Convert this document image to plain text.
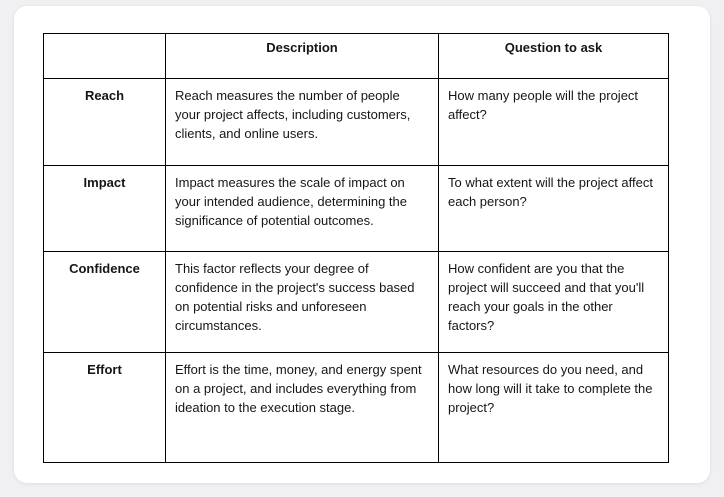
	Description	Question to ask
Reach	Reach measures the number of people your project affects, including customers, clients, and online users.	How many people will the project affect?
Impact	Impact measures the scale of impact on your intended audience, determining the significance of potential outcomes.	To what extent will the project affect each person?
Confidence	This factor reflects your degree of confidence in the project's success based on potential risks and unforeseen circumstances.	How confident are you that the project will succeed and that you'll reach your goals in the other factors?
Effort	Effort is the time, money, and energy spent on a project, and includes everything from ideation to the execution stage.	What resources do you need, and how long will it take to complete the project?
